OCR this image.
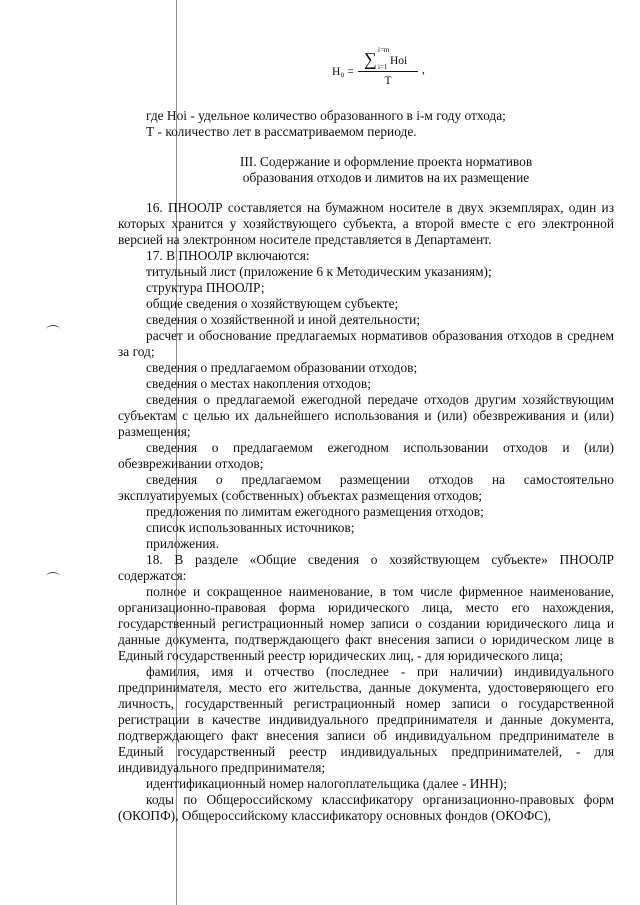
H₀ =
∑ i=m
i=1 Hoi
T
,

где Hoi - удельное количество образованного в i-м году отхода;

Т - количество лет в рассматриваемом периоде.

III. Содержание и оформление проекта нормативов

образования отходов и лимитов на их размещение

16. ПНООЛР составляется на бумажном носителе в двух экземплярах, один из которых хранится у хозяйствующего субъекта, а второй вместе с его электронной версией на электронном носителе представляется в Департамент.

17. В ПНООЛР включаются:

титульный лист (приложение 6 к Методическим указаниям);

структура ПНООЛР;

общие сведения о хозяйствующем субъекте;

сведения о хозяйственной и иной деятельности;

расчет и обоснование предлагаемых нормативов образования отходов в среднем за год;

сведения о предлагаемом образовании отходов;

сведения о местах накопления отходов;

сведения о предлагаемой ежегодной передаче отходов другим хозяйствующим субъектам с целью их дальнейшего использования и (или) обезвреживания и (или) размещения;

сведения о предлагаемом ежегодном использовании отходов и (или) обезвреживании отходов;

сведения о предлагаемом размещении отходов на самостоятельно эксплуатируемых (собственных) объектах размещения отходов;

предложения по лимитам ежегодного размещения отходов;

список использованных источников;

приложения.

18. В разделе «Общие сведения о хозяйствующем субъекте» ПНООЛР содержатся:

полное и сокращенное наименование, в том числе фирменное наименование, организационно-правовая форма юридического лица, место его нахождения, государственный регистрационный номер записи о создании юридического лица и данные документа, подтверждающего факт внесения записи о юридическом лице в Единый государственный реестр юридических лиц, - для юридического лица;

фамилия, имя и отчество (последнее - при наличии) индивидуального предпринимателя, место его жительства, данные документа, удостоверяющего его личность, государственный регистрационный номер записи о государственной регистрации в качестве индивидуального предпринимателя и данные документа, подтверждающего факт внесения записи об индивидуальном предпринимателе в Единый государственный реестр индивидуальных предпринимателей, - для индивидуального предпринимателя;

идентификационный номер налогоплательщика (далее - ИНН);

коды по Общероссийскому классификатору организационно-правовых форм (ОКОПФ), Общероссийскому классификатору основных фондов (ОКОФС),
